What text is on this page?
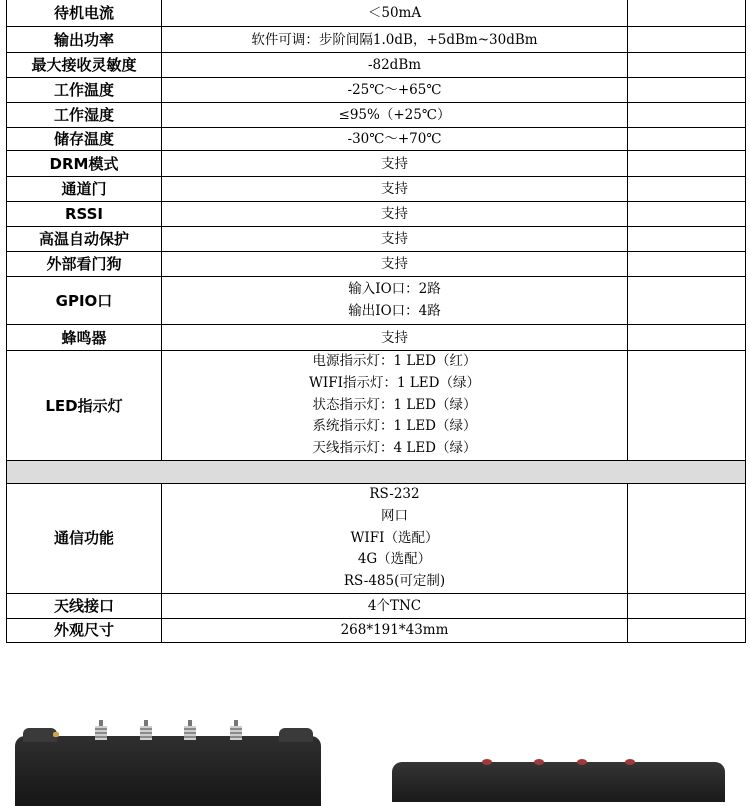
待机电流	＜50mA	
输出功率	软件可调：步阶间隔1.0dB，+5dBm~30dBm	
最大接收灵敏度	-82dBm	
工作温度	-25℃～+65℃	
工作湿度	≤95%（+25℃）	
储存温度	-30℃～+70℃	
DRM模式	支持	
通道门	支持	
RSSI	支持	
高温自动保护	支持	
外部看门狗	支持	
GPIO口	输入IO口：2路
输出IO口：4路	

蜂鸣器	支持	
LED指示灯	电源指示灯：1 LED（红）
WIFI指示灯：1 LED（绿）
状态指示灯：1 LED（绿）
系统指示灯：1 LED（绿）
天线指示灯：4 LED（绿）	

通信功能	RS-232
网口
WIFI（选配）
4G（选配）
RS-485(可定制)	

天线接口	4个TNC	
外观尺寸	268*191*43mm	
